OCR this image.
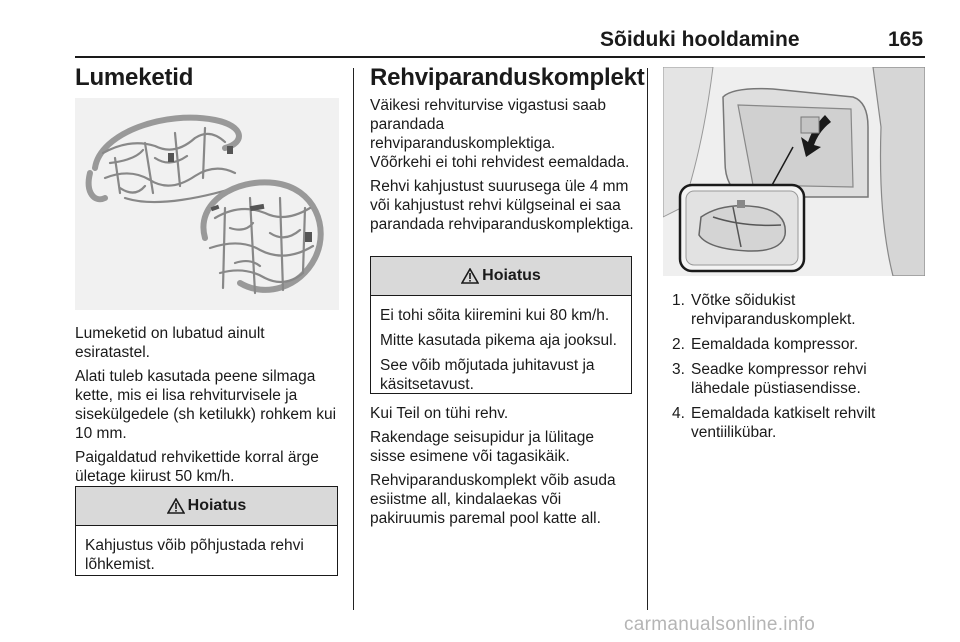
Sõiduki hooldamine	165
Lumeketid

Lumeketid on lubatud ainult esiratastel.

Alati tuleb kasutada peene silmaga kette, mis ei lisa rehviturvisele ja sisekülgedele (sh ketilukk) rohkem kui 10 mm.

Paigaldatud rehvikettide korral ärge ületage kiirust 50 km/h.

Hoiatus

Kahjustus võib põhjustada rehvi lõhkemist.

Rehviparanduskomplekt

Väikesi rehviturvise vigastusi saab parandada rehviparanduskomplektiga.

Võõrkehi ei tohi rehvidest eemaldada.

Rehvi kahjustust suurusega üle 4 mm või kahjustust rehvi külgseinal ei saa parandada rehviparanduskomplektiga.

Hoiatus

Ei tohi sõita kiiremini kui 80 km/h.

Mitte kasutada pikema aja jooksul.

See võib mõjutada juhitavust ja käsitsetavust.

Kui Teil on tühi rehv.

Rakendage seisupidur ja lülitage sisse esimene või tagasikäik.

Rehviparanduskomplekt võib asuda esiistme all, kindalaekas või pakiruumis paremal pool katte all.

1. Võtke sõidukist rehviparanduskomplekt.
2. Eemaldada kompressor.
3. Seadke kompressor rehvi lähedale püstiasendisse.
4. Eemaldada katkiselt rehvilt ventiilikübar.
carmanualsonline.info
